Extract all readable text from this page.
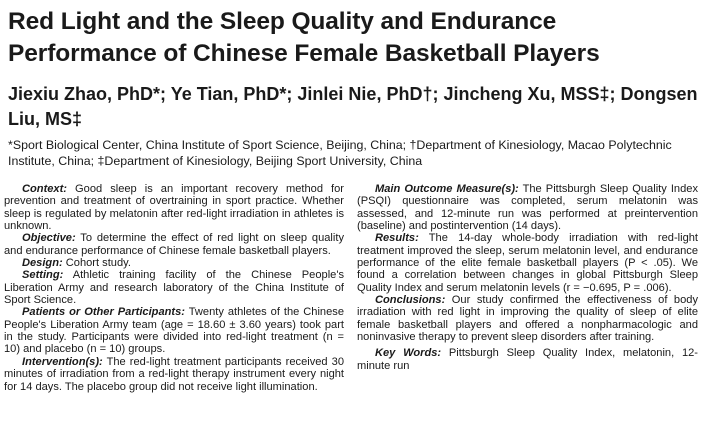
Red Light and the Sleep Quality and Endurance Performance of Chinese Female Basketball Players
Jiexiu Zhao, PhD*; Ye Tian, PhD*; Jinlei Nie, PhD†; Jincheng Xu, MSS‡; Dongsen Liu, MS‡
*Sport Biological Center, China Institute of Sport Science, Beijing, China; †Department of Kinesiology, Macao Polytechnic Institute, China; ‡Department of Kinesiology, Beijing Sport University, China

Context: Good sleep is an important recovery method for prevention and treatment of overtraining in sport practice. Whether sleep is regulated by melatonin after red-light irradiation in athletes is unknown.

Objective: To determine the effect of red light on sleep quality and endurance performance of Chinese female basketball players.

Design: Cohort study.

Setting: Athletic training facility of the Chinese People's Liberation Army and research laboratory of the China Institute of Sport Science.

Patients or Other Participants: Twenty athletes of the Chinese People's Liberation Army team (age = 18.60 ± 3.60 years) took part in the study. Participants were divided into red-light treatment (n = 10) and placebo (n = 10) groups.

Intervention(s): The red-light treatment participants received 30 minutes of irradiation from a red-light therapy instrument every night for 14 days. The placebo group did not receive light illumination.

Main Outcome Measure(s): The Pittsburgh Sleep Quality Index (PSQI) questionnaire was completed, serum melatonin was assessed, and 12-minute run was performed at preintervention (baseline) and postintervention (14 days).

Results: The 14-day whole-body irradiation with red-light treatment improved the sleep, serum melatonin level, and endurance performance of the elite female basketball players (P < .05). We found a correlation between changes in global Pittsburgh Sleep Quality Index and serum melatonin levels (r = −0.695, P = .006).

Conclusions: Our study confirmed the effectiveness of body irradiation with red light in improving the quality of sleep of elite female basketball players and offered a nonpharmacologic and noninvasive therapy to prevent sleep disorders after training.

Key Words: Pittsburgh Sleep Quality Index, melatonin, 12-minute run
